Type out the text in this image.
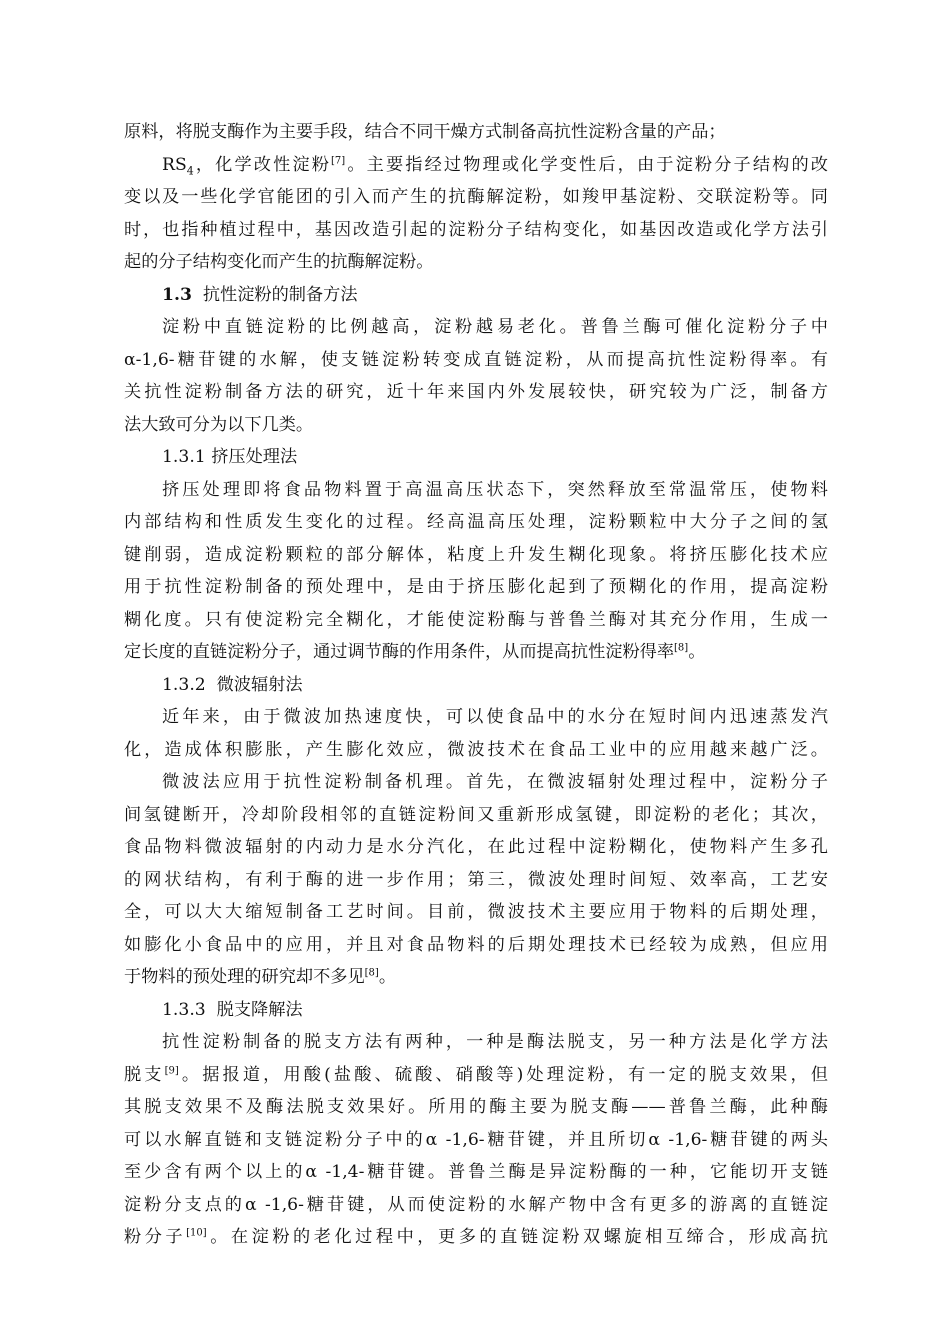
原料，将脱支酶作为主要手段，结合不同干燥方式制备高抗性淀粉含量的产品；
$RS_4$，化学改性淀粉[7]。主要指经过物理或化学变性后，由于淀粉分子结构的改
变以及一些化学官能团的引入而产生的抗酶解淀粉，如羧甲基淀粉、交联淀粉等。同
时，也指种植过程中，基因改造引起的淀粉分子结构变化，如基因改造或化学方法引
起的分子结构变化而产生的抗酶解淀粉。
1.3 抗性淀粉的制备方法
淀粉中直链淀粉的比例越高，淀粉越易老化。普鲁兰酶可催化淀粉分子中
α-1,6-糖苷键的水解，使支链淀粉转变成直链淀粉，从而提高抗性淀粉得率。有
关抗性淀粉制备方法的研究，近十年来国内外发展较快，研究较为广泛，制备方
法大致可分为以下几类。
1.3.1 挤压处理法
挤压处理即将食品物料置于高温高压状态下，突然释放至常温常压，使物料
内部结构和性质发生变化的过程。经高温高压处理，淀粉颗粒中大分子之间的氢
键削弱，造成淀粉颗粒的部分解体，粘度上升发生糊化现象。将挤压膨化技术应
用于抗性淀粉制备的预处理中，是由于挤压膨化起到了预糊化的作用，提高淀粉
糊化度。只有使淀粉完全糊化，才能使淀粉酶与普鲁兰酶对其充分作用，生成一
定长度的直链淀粉分子，通过调节酶的作用条件，从而提高抗性淀粉得率[8]。
1.3.2  微波辐射法
近年来，由于微波加热速度快，可以使食品中的水分在短时间内迅速蒸发汽
化，造成体积膨胀，产生膨化效应，微波技术在食品工业中的应用越来越广泛。
微波法应用于抗性淀粉制备机理。首先，在微波辐射处理过程中，淀粉分子
间氢键断开，冷却阶段相邻的直链淀粉间又重新形成氢键，即淀粉的老化；其次，
食品物料微波辐射的内动力是水分汽化，在此过程中淀粉糊化，使物料产生多孔
的网状结构，有利于酶的进一步作用；第三，微波处理时间短、效率高，工艺安
全，可以大大缩短制备工艺时间。目前，微波技术主要应用于物料的后期处理，
如膨化小食品中的应用，并且对食品物料的后期处理技术已经较为成熟，但应用
于物料的预处理的研究却不多见[8]。
1.3.3  脱支降解法
抗性淀粉制备的脱支方法有两种，一种是酶法脱支，另一种方法是化学方法
脱支[9]。据报道，用酸(盐酸、硫酸、硝酸等)处理淀粉，有一定的脱支效果，但
其脱支效果不及酶法脱支效果好。所用的酶主要为脱支酶——普鲁兰酶，此种酶
可以水解直链和支链淀粉分子中的α -1,6-糖苷键，并且所切α -1,6-糖苷键的两头
至少含有两个以上的α -1,4-糖苷键。普鲁兰酶是异淀粉酶的一种，它能切开支链
淀粉分支点的α -1,6-糖苷键，从而使淀粉的水解产物中含有更多的游离的直链淀
粉分子[10]。在淀粉的老化过程中，更多的直链淀粉双螺旋相互缔合，形成高抗
